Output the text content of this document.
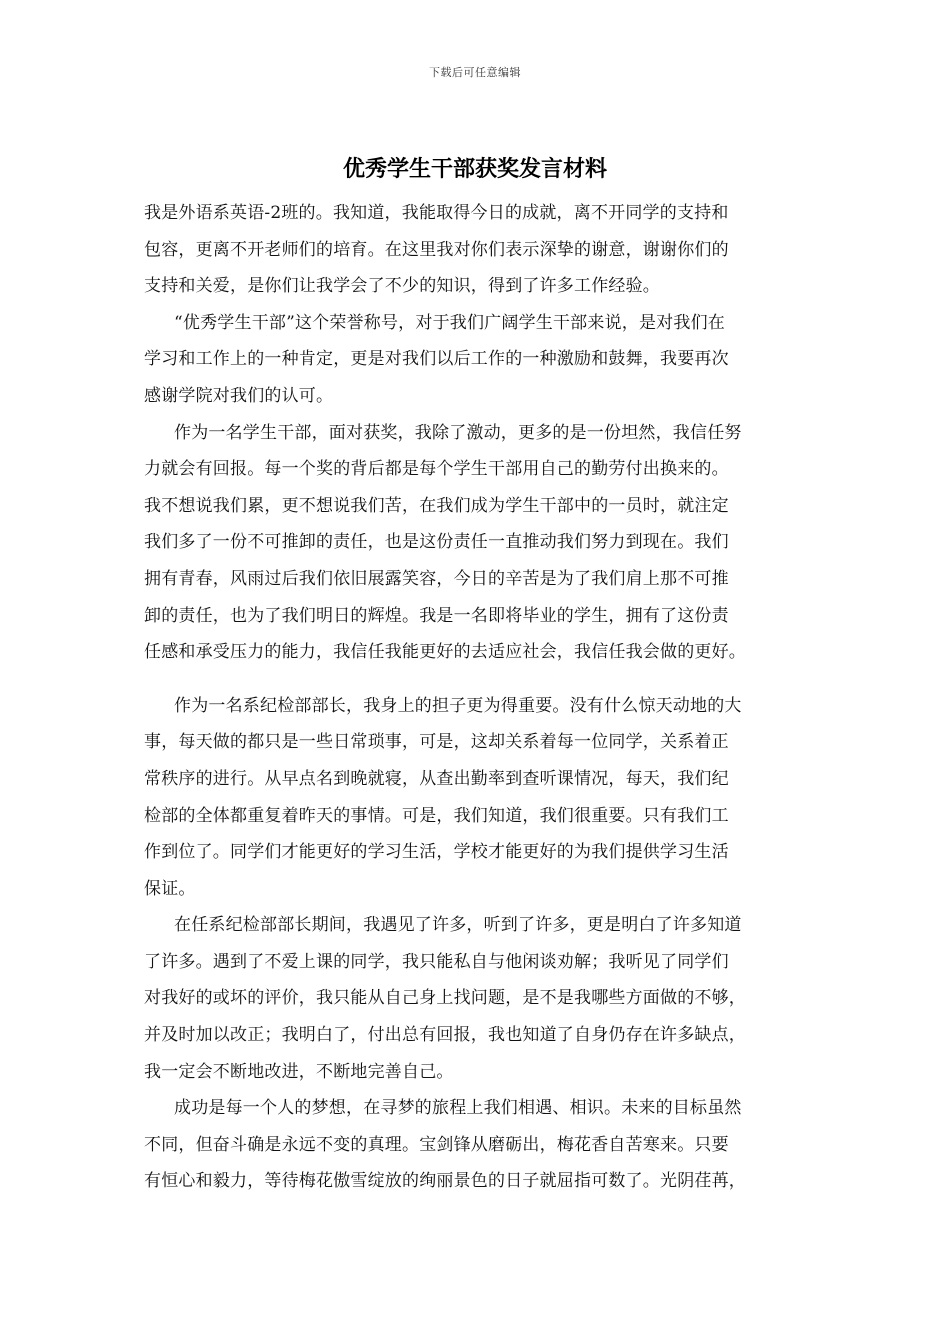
下载后可任意编辑
优秀学生干部获奖发言材料
我是外语系英语-2班的。我知道，我能取得今日的成就，离不开同学的支持和
包容，更离不开老师们的培育。在这里我对你们表示深挚的谢意，谢谢你们的
支持和关爱，是你们让我学会了不少的知识，得到了许多工作经验。
“优秀学生干部”这个荣誉称号，对于我们广阔学生干部来说，是对我们在
学习和工作上的一种肯定，更是对我们以后工作的一种激励和鼓舞，我要再次
感谢学院对我们的认可。
作为一名学生干部，面对获奖，我除了激动，更多的是一份坦然，我信任努
力就会有回报。每一个奖的背后都是每个学生干部用自己的勤劳付出换来的。
我不想说我们累，更不想说我们苦，在我们成为学生干部中的一员时，就注定
我们多了一份不可推卸的责任，也是这份责任一直推动我们努力到现在。我们
拥有青春，风雨过后我们依旧展露笑容，今日的辛苦是为了我们肩上那不可推
卸的责任，也为了我们明日的辉煌。我是一名即将毕业的学生，拥有了这份责
任感和承受压力的能力，我信任我能更好的去适应社会，我信任我会做的更好。
作为一名系纪检部部长，我身上的担子更为得重要。没有什么惊天动地的大
事，每天做的都只是一些日常琐事，可是，这却关系着每一位同学，关系着正
常秩序的进行。从早点名到晚就寝，从查出勤率到查听课情况，每天，我们纪
检部的全体都重复着昨天的事情。可是，我们知道，我们很重要。只有我们工
作到位了。同学们才能更好的学习生活，学校才能更好的为我们提供学习生活
保证。
在任系纪检部部长期间，我遇见了许多，听到了许多，更是明白了许多知道
了许多。遇到了不爱上课的同学，我只能私自与他闲谈劝解；我听见了同学们
对我好的或坏的评价，我只能从自己身上找问题，是不是我哪些方面做的不够，
并及时加以改正；我明白了，付出总有回报，我也知道了自身仍存在许多缺点，
我一定会不断地改进，不断地完善自己。
成功是每一个人的梦想，在寻梦的旅程上我们相遇、相识。未来的目标虽然
不同，但奋斗确是永远不变的真理。宝剑锋从磨砺出，梅花香自苦寒来。只要
有恒心和毅力，等待梅花傲雪绽放的绚丽景色的日子就屈指可数了。光阴荏苒，
